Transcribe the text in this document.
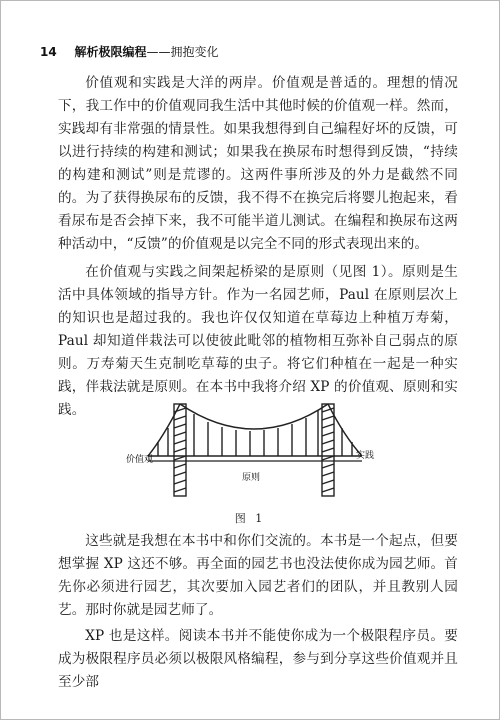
14 解析极限编程——拥抱变化

价值观和实践是大洋的两岸。价值观是普适的。理想的情况下，我工作中的价值观同我生活中其他时候的价值观一样。然而，实践却有非常强的情景性。如果我想得到自己编程好坏的反馈，可以进行持续的构建和测试；如果我在换尿布时想得到反馈，“持续的构建和测试”则是荒谬的。这两件事所涉及的外力是截然不同的。为了获得换尿布的反馈，我不得不在换完后将婴儿抱起来，看看尿布是否会掉下来，我不可能半道儿测试。在编程和换尿布这两种活动中，“反馈”的价值观是以完全不同的形式表现出来的。

在价值观与实践之间架起桥梁的是原则（见图 1）。原则是生活中具体领域的指导方针。作为一名园艺师，Paul 在原则层次上的知识也是超过我的。我也许仅仅知道在草莓边上种植万寿菊，Paul 却知道伴栽法可以使彼此毗邻的植物相互弥补自己弱点的原则。万寿菊天生克制吃草莓的虫子。将它们种植在一起是一种实践，伴栽法就是原则。在本书中我将介绍 XP 的价值观、原则和实践。

价值观
原则
实践
图 1

这些就是我想在本书中和你们交流的。本书是一个起点，但要想掌握 XP 这还不够。再全面的园艺书也没法使你成为园艺师。首先你必须进行园艺，其次要加入园艺者们的团队，并且教别人园艺。那时你就是园艺师了。

XP 也是这样。阅读本书并不能使你成为一个极限程序员。要成为极限程序员必须以极限风格编程，参与到分享这些价值观并且至少部
